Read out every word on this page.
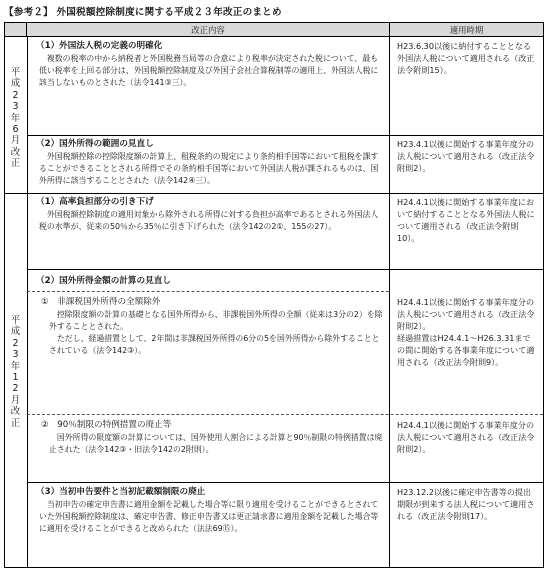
【参考２】 外国税額控除制度に関する平成２３年改正のまとめ
改正内容	適用時期
平成23年6月改正
平成23年12月改正
（1）外国法人税の定義の明確化

複数の税率の中から納税者と外国税務当局等の合意により税率が決定された税について、最も低い税率を上回る部分は、外国税額控除制度及び外国子会社合算税制等の適用上、外国法人税に該当しないものとされた（法令141③三）。

H23.6.30以後に納付することとなる外国法人税について適用される（改正法令附則15）。
（2）国外所得の範囲の見直し

外国税額控除の控除限度額の計算上、租税条約の規定により条約相手国等において租税を課することができることとされる所得でその条約相手国等において外国法人税が課されるものは、国外所得に該当することとされた（法令142④三）。

H23.4.1以後に開始する事業年度分の法人税について適用される（改正法令附則2）。
（1）高率負担部分の引き下げ

外国税額控除制度の適用対象から除外される所得に対する負担が高率であるとされる外国法人税の水準が、従来の50％から35％に引き下げられた（法令142の2①、155の27）。

H24.4.1以後に開始する事業年度において納付することとなる外国法人税について適用される（改正法令附則10）。
（2）国外所得金額の計算の見直し
①　非課税国外所得の全額除外

控除限度額の計算の基礎となる国外所得から、非課税国外所得の全額（従来は3分の2）を除外することとされた。

ただし、経過措置として、2年間は非課税国外所得の6分の5を国外所得から除外することとされている（法令142③）。

H24.4.1以後に開始する事業年度分の法人税について適用される（改正法令附則2）。
経過措置はH24.4.1～H26.3.31までの間に開始する各事業年度について適用される（改正法令附則9）。
②　90％制限の特例措置の廃止等

国外所得の限度額の計算については、国外使用人割合による計算と90％制限の特例措置は廃止された（法令142③・旧法令142の2附則）。

H24.4.1以後に開始する事業年度分の法人税について適用される（改正法令附則2）。
（3）当初申告要件と当初記載額制限の廃止

当初申告の確定申告書に適用金額を記載した場合等に限り適用を受けることができるとされていた外国税額控除制度は、確定申告書、修正申告書又は更正請求書に適用金額を記載した場合等に適用を受けることができると改められた（法法69⑮）。

H23.12.2以後に確定申告書等の提出期限が到来する法人税について適用される（改正法令附則17）。
